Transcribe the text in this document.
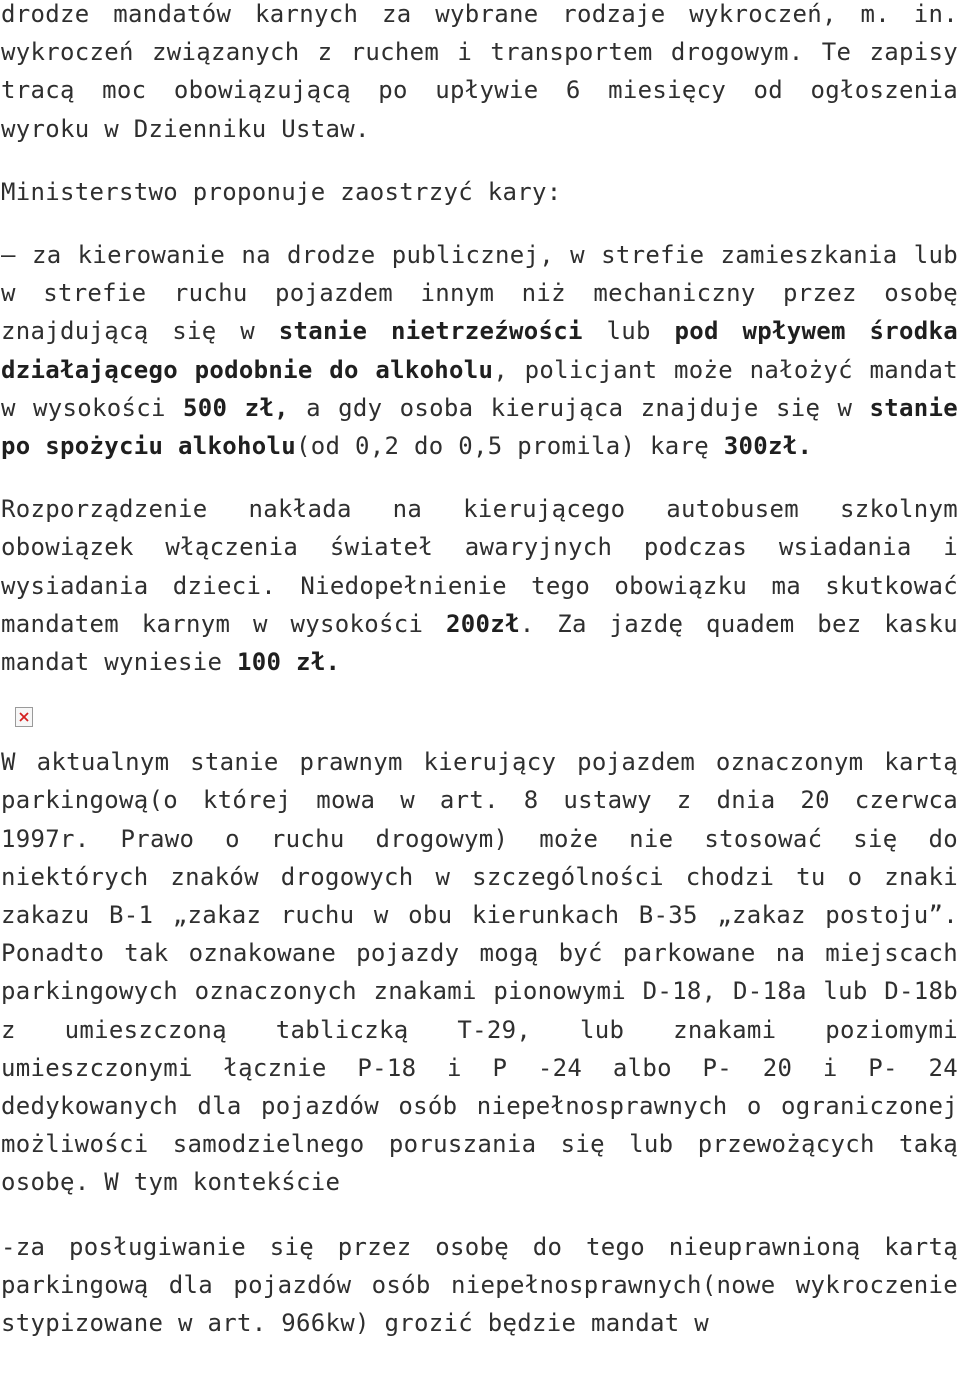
drodze mandatów karnych za wybrane rodzaje wykroczeń, m. in. wykroczeń związanych z ruchem i transportem drogowym. Te zapisy tracą moc obowiązującą po upływie 6 miesięcy od ogłoszenia wyroku w Dzienniku Ustaw.

Ministerstwo proponuje zaostrzyć kary:

– za kierowanie na drodze publicznej, w strefie zamieszkania lub w strefie ruchu pojazdem innym niż mechaniczny przez osobę znajdującą się w stanie nietrzeźwości lub pod wpływem środka działającego podobnie do alkoholu, policjant może nałożyć mandat w wysokości 500 zł, a gdy osoba kierująca znajduje się w stanie po spożyciu alkoholu(od 0,2 do 0,5 promila) karę 300zł.

Rozporządzenie nakłada na kierującego autobusem szkolnym obowiązek włączenia świateł awaryjnych podczas wsiadania i wysiadania dzieci. Niedopełnienie tego obowiązku ma skutkować mandatem karnym w wysokości 200zł. Za jazdę quadem bez kasku mandat wyniesie 100 zł.

W aktualnym stanie prawnym kierujący pojazdem oznaczonym kartą parkingową(o której mowa w art. 8 ustawy z dnia 20 czerwca 1997r. Prawo o ruchu drogowym) może nie stosować się do niektórych znaków drogowych w szczególności chodzi tu o znaki zakazu B-1 „zakaz ruchu w obu kierunkach B-35 „zakaz postoju”. Ponadto tak oznakowane pojazdy mogą być parkowane na miejscach parkingowych oznaczonych znakami pionowymi D-18, D-18a lub D-18b z umieszczoną tabliczką T-29, lub znakami poziomymi umieszczonymi łącznie P-18 i P -24 albo P- 20 i P- 24 dedykowanych dla pojazdów osób niepełnosprawnych o ograniczonej możliwości samodzielnego poruszania się lub przewożących taką osobę. W tym kontekście

-za posługiwanie się przez osobę do tego nieuprawnioną kartą parkingową dla pojazdów osób niepełnosprawnych(nowe wykroczenie stypizowane w art. 966kw) grozić będzie mandat w
